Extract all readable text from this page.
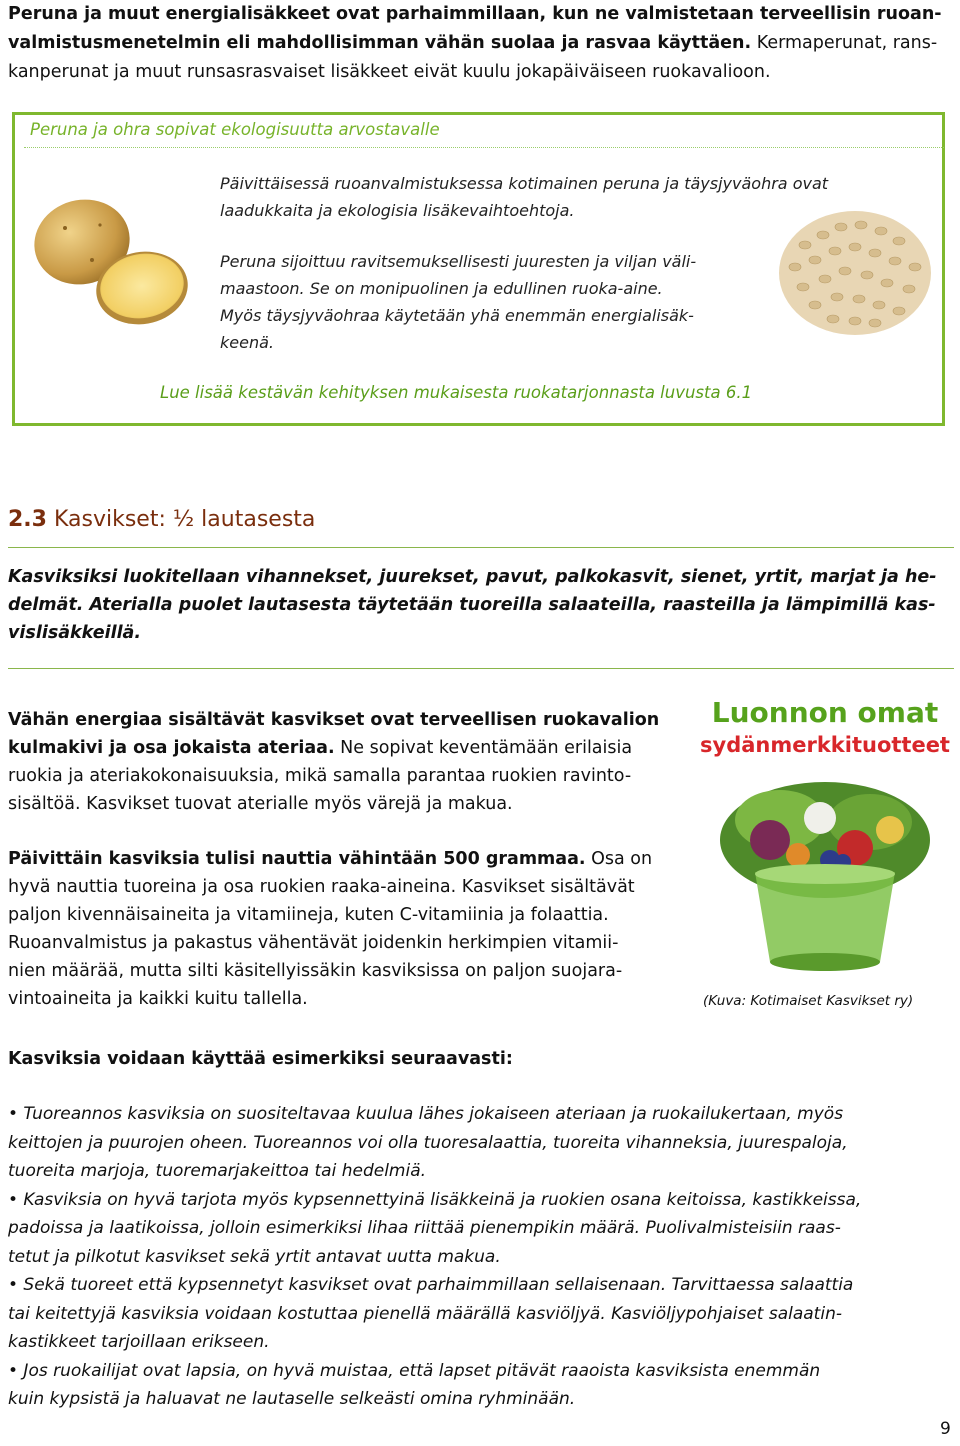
Peruna ja muut energialisäkkeet ovat parhaimmillaan, kun ne valmistetaan terveellisin ruoan-
valmistusmenetelmin eli mahdollisimman vähän suolaa ja rasvaa käyttäen. Kermaperunat, rans-
kanperunat ja muut runsasrasvaiset lisäkkeet eivät kuulu jokapäiväiseen ruokavalioon.
Peruna ja ohra sopivat ekologisuutta arvostavalle
Päivittäisessä ruoanvalmistuksessa kotimainen peruna ja täysjyväohra ovat
laadukkaita ja ekologisia lisäkevaihtoehtoja.
Peruna sijoittuu ravitsemuksellisesti juuresten ja viljan väli-
maastoon. Se on monipuolinen ja edullinen ruoka-aine.
Myös täysjyväohraa käytetään yhä enemmän energialisäk-
keenä.
Lue lisää kestävän kehityksen mukaisesta ruokatarjonnasta luvusta 6.1
2.3 Kasvikset: ½ lautasesta
Kasviksiksi luokitellaan vihannekset, juurekset, pavut, palkokasvit, sienet, yrtit, marjat ja he-
delmät. Aterialla puolet lautasesta täytetään tuoreilla salaateilla, raasteilla ja lämpimillä kas-
vislisäkkeillä.
Vähän energiaa sisältävät kasvikset ovat terveellisen ruokavalion
kulmakivi ja osa jokaista ateriaa. Ne sopivat keventämään erilaisia
ruokia ja ateriakokonaisuuksia, mikä samalla parantaa ruokien ravinto-
sisältöä. Kasvikset tuovat aterialle myös värejä ja makua.
Päivittäin kasviksia tulisi nauttia vähintään 500 grammaa. Osa on
hyvä nauttia tuoreina ja osa ruokien raaka-aineina. Kasvikset sisältävät
paljon kivennäisaineita ja vitamiineja, kuten C-vitamiinia ja folaattia.
Ruoanvalmistus ja pakastus vähentävät joidenkin herkimpien vitamii-
nien määrää, mutta silti käsitellyissäkin kasviksissa on paljon suojara-
vintoaineita ja kaikki kuitu tallella.
Luonnon omat
sydänmerkkituotteet
(Kuva: Kotimaiset Kasvikset ry)
Kasviksia voidaan käyttää esimerkiksi seuraavasti:
• Tuoreannos kasviksia on suositeltavaa kuulua lähes jokaiseen ateriaan ja ruokailukertaan, myös
keittojen ja puurojen oheen. Tuoreannos voi olla tuoresalaattia, tuoreita vihanneksia, juurespaloja,
tuoreita marjoja, tuoremarjakeittoa tai hedelmiä.
• Kasviksia on hyvä tarjota myös kypsennettyinä lisäkkeinä ja ruokien osana keitoissa, kastikkeissa,
padoissa ja laatikoissa, jolloin esimerkiksi lihaa riittää pienempikin määrä. Puolivalmisteisiin raas-
tetut ja pilkotut kasvikset sekä yrtit antavat uutta makua.
• Sekä tuoreet että kypsennetyt kasvikset ovat parhaimmillaan sellaisenaan. Tarvittaessa salaattia
tai keitettyjä kasviksia voidaan kostuttaa pienellä määrällä kasviöljyä. Kasviöljypohjaiset salaatin-
kastikkeet tarjoillaan erikseen.
• Jos ruokailijat ovat lapsia, on hyvä muistaa, että lapset pitävät raaoista kasviksista enemmän
kuin kypsistä ja haluavat ne lautaselle selkeästi omina ryhminään.
9
